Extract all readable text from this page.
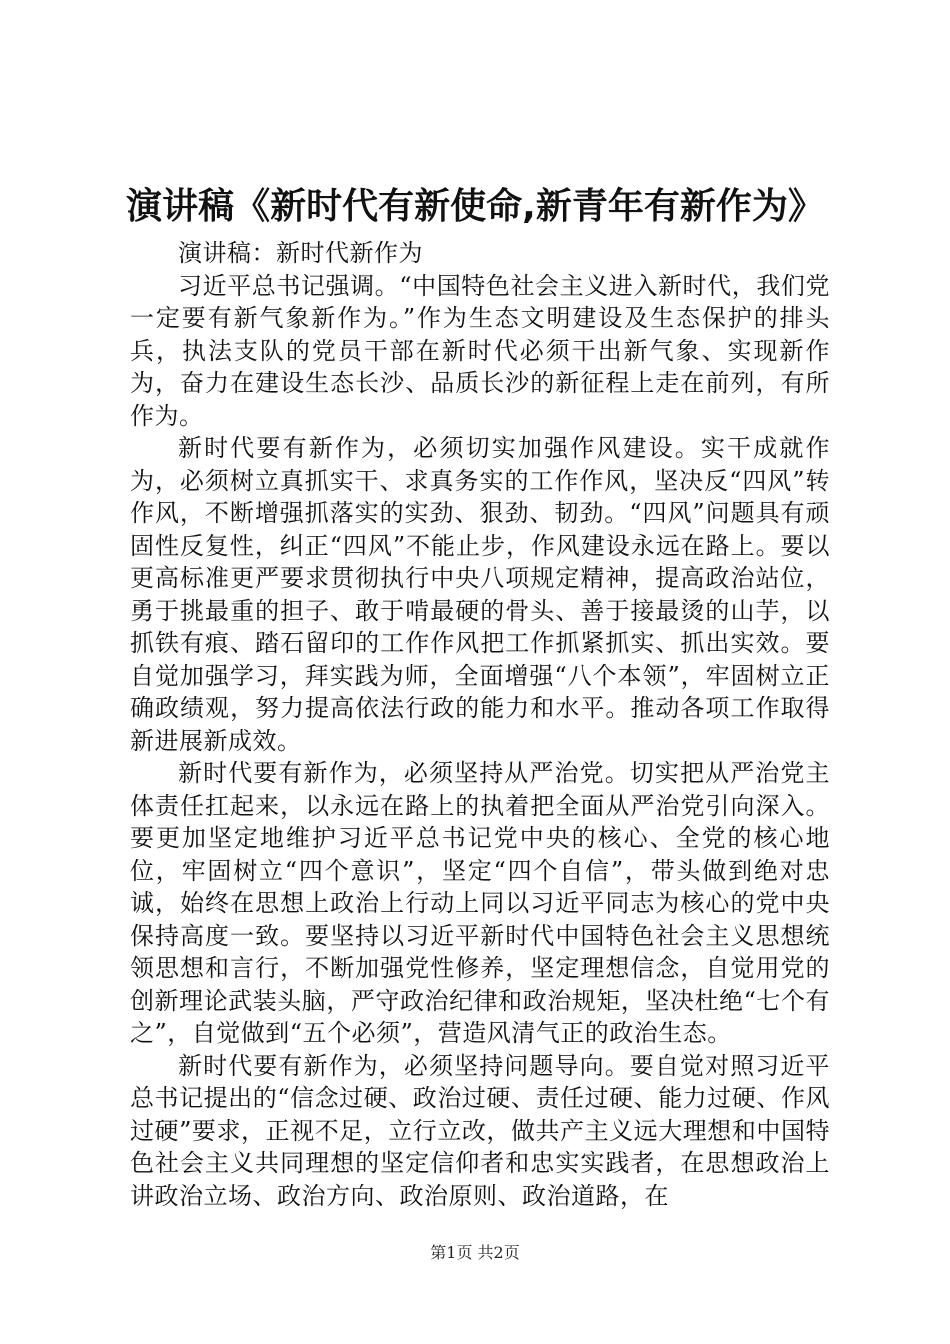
演讲稿《新时代有新使命,新青年有新作为》

演讲稿：新时代新作为

习近平总书记强调。“中国特色社会主义进入新时代，我们党一定要有新气象新作为。”作为生态文明建设及生态保护的排头兵，执法支队的党员干部在新时代必须干出新气象、实现新作为，奋力在建设生态长沙、品质长沙的新征程上走在前列，有所作为。

新时代要有新作为，必须切实加强作风建设。实干成就作为，必须树立真抓实干、求真务实的工作作风，坚决反“四风”转作风，不断增强抓落实的实劲、狠劲、韧劲。“四风”问题具有顽固性反复性，纠正“四风”不能止步，作风建设永远在路上。要以更高标准更严要求贯彻执行中央八项规定精神，提高政治站位，勇于挑最重的担子、敢于啃最硬的骨头、善于接最烫的山芋，以抓铁有痕、踏石留印的工作作风把工作抓紧抓实、抓出实效。要自觉加强学习，拜实践为师，全面增强“八个本领”，牢固树立正确政绩观，努力提高依法行政的能力和水平。推动各项工作取得新进展新成效。

新时代要有新作为，必须坚持从严治党。切实把从严治党主体责任扛起来，以永远在路上的执着把全面从严治党引向深入。要更加坚定地维护习近平总书记党中央的核心、全党的核心地位，牢固树立“四个意识”，坚定“四个自信”，带头做到绝对忠诚，始终在思想上政治上行动上同以习近平同志为核心的党中央保持高度一致。要坚持以习近平新时代中国特色社会主义思想统领思想和言行，不断加强党性修养，坚定理想信念，自觉用党的创新理论武装头脑，严守政治纪律和政治规矩，坚决杜绝“七个有之”，自觉做到“五个必须”，营造风清气正的政治生态。

新时代要有新作为，必须坚持问题导向。要自觉对照习近平总书记提出的“信念过硬、政治过硬、责任过硬、能力过硬、作风过硬”要求，正视不足，立行立改，做共产主义远大理想和中国特色社会主义共同理想的坚定信仰者和忠实实践者，在思想政治上讲政治立场、政治方向、政治原则、政治道路，在

第1页 共2页
